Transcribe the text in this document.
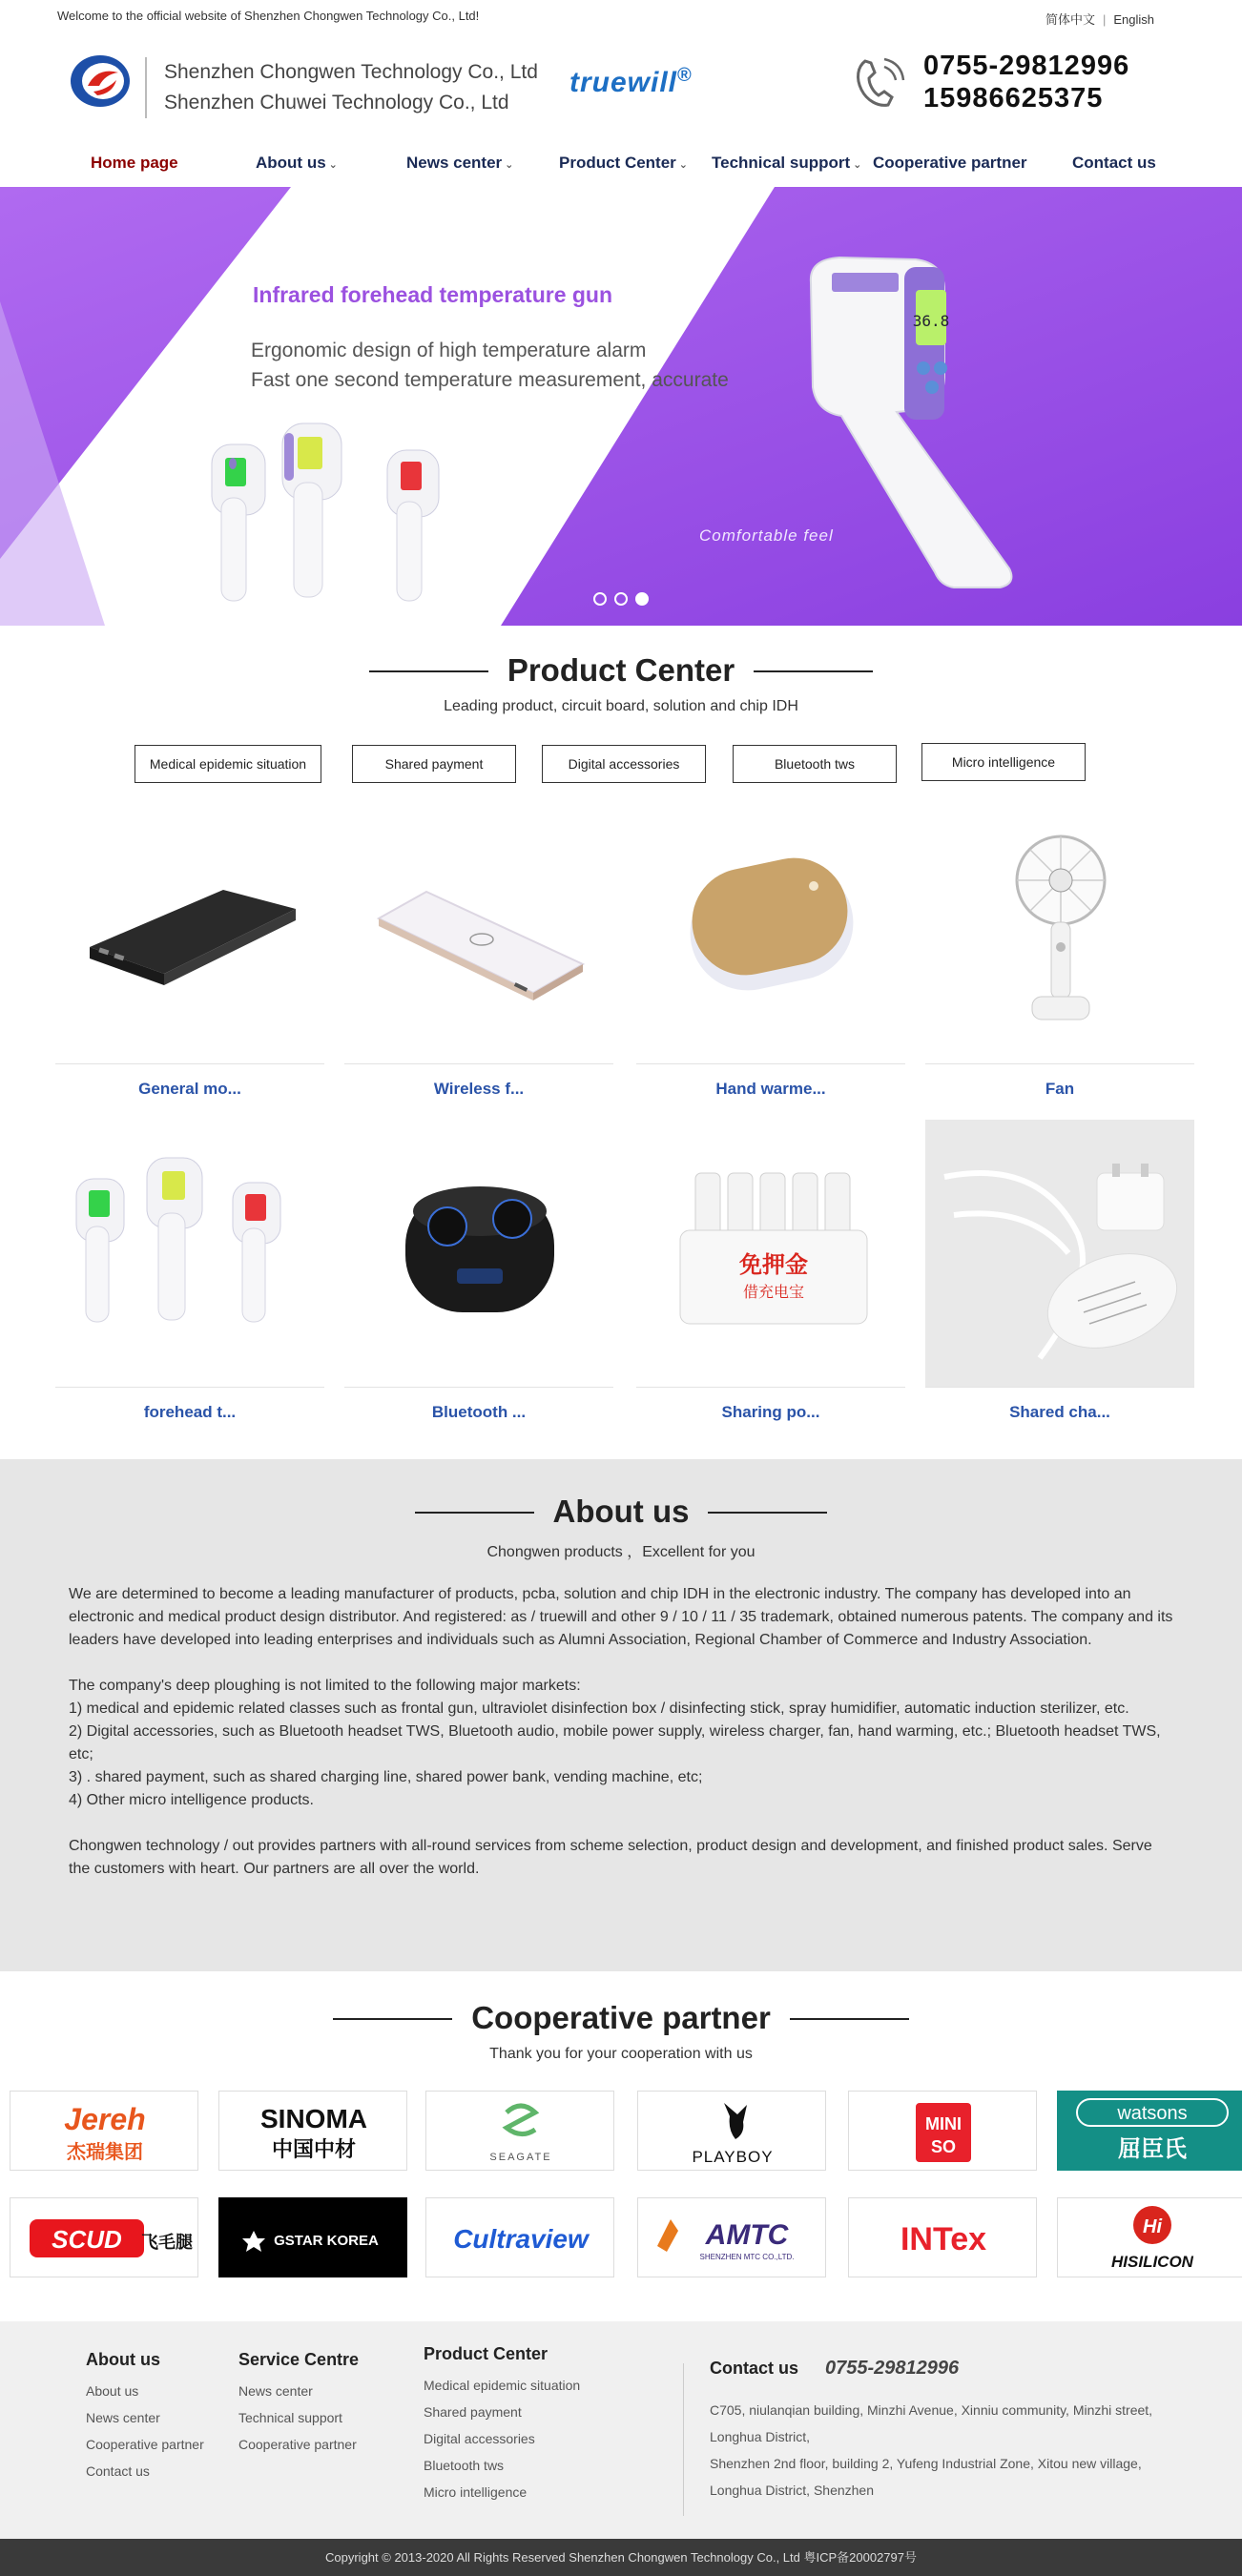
Welcome to the official website of Shenzhen Chongwen Technology Co., Ltd!	简体中文 | English
Shenzhen Chongwen Technology Co., Ltd
Shenzhen Chuwei Technology Co., Ltd
truewill®	0755-29812996
15986625375
Home page	About us ⌄	News center ⌄	Product Center ⌄ Technical support ⌄ Cooperative partner	Contact us
36.8
Infrared forehead temperature gun
Ergonomic design of high temperature alarm
Fast one second temperature measurement, accurate
Comfortable feel
Product Center
Leading product, circuit board, solution and chip IDH
Medical epidemic situation	Shared payment	Digital accessories	Bluetooth tws	Micro intelligence
General mo...	Wireless f...	Hand warme...	Fan
forehead t...	Bluetooth ...
免押金
借充电宝
Sharing po...	Shared cha...
About us
Chongwen products ，Excellent for you

We are determined to become a leading manufacturer of products, pcba, solution and chip IDH in the electronic industry. The company has developed into an electronic and medical product design distributor. And registered: as / truewill and other 9 / 10 / 11 / 35 trademark, obtained numerous patents. The company and its leaders have developed into leading enterprises and individuals such as Alumni Association, Regional Chamber of Commerce and Industry Association.

The company's deep ploughing is not limited to the following major markets:

1) medical and epidemic related classes such as frontal gun, ultraviolet disinfection box / disinfecting stick, spray humidifier, automatic induction sterilizer, etc.

2) Digital accessories, such as Bluetooth headset TWS, Bluetooth audio, mobile power supply, wireless charger, fan, hand warming, etc.; Bluetooth headset TWS, etc;

3) . shared payment, such as shared charging line, shared power bank, vending machine, etc;

4) Other micro intelligence products.

Chongwen technology / out provides partners with all-round services from scheme selection, product design and development, and finished product sales. Serve the customers with heart. Our partners are all over the world.

Cooperative partner
Thank you for your cooperation with us
Jereh
杰瑞集团
SINOMA
中国中材	SEAGATE	PLAYBOY
MINI
SO
watsons
屈臣氏
SCUD 飞毛腿	GSTAR KOREA	Cultraview	AMTC
SHENZHEN MTC CO.,LTD.	INTex	Hi
HISILICON
About us
About us
News center
Cooperative partner
Contact us
Service Centre
News center
Technical support
Cooperative partner
Product Center
Medical epidemic situation
Shared payment
Digital accessories
Bluetooth tws
Micro intelligence
Contact us 0755-29812996
C705, niulanqian building, Minzhi Avenue, Xinniu community, Minzhi street, Longhua District,
Shenzhen 2nd floor, building 2, Yufeng Industrial Zone, Xitou new village, Longhua District, Shenzhen
Copyright © 2013-2020 All Rights Reserved Shenzhen Chongwen Technology Co., Ltd 粤ICP备20002797号
